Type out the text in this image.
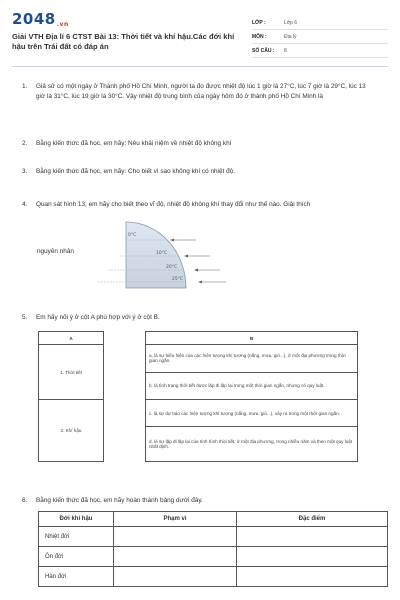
2048.vn
Giải VTH Địa lí 6 CTST Bài 13: Thời tiết và khí hậu.Các đới khí hậu trên Trái đất có đáp án
LỚP :	Lớp 6
MÔN :	Địa lý
SỐ CÂU :	8
1.	Giả sử có một ngày ở Thành phố Hồ Chí Minh, người ta đo được nhiệt độ lúc 1 giờ là 27°C, lúc 7 giờ là 29°C, lúc 13 giờ là 31°C, lúc 19 giờ là 30°C. Vậy nhiệt độ trung bình của ngày hôm đó ở thành phố Hồ Chí Minh là
2.	Bằng kiến thức đã học, em hãy: Nêu khái niệm về nhiệt độ không khí
3.	Bằng kiến thức đã học, em hãy: Cho biết vì sao không khí có nhiệt độ.
4.	Quan sát hình 13, em hãy cho biết theo vĩ độ, nhiệt độ không khí thay đổi như thế nào. Giải thích
nguyên nhân
0°C
10°C
20°C
25°C
5.	Em hãy nối ý ở cột A phù hợp với ý ở cột B.
A		B
1. Thời tiết		a. là sự biểu hiện của các hiện tượng khí tượng (nắng, mưa, gió...), ở một địa phương trong thời gian ngắn.
		b. là tình trạng thời tiết được lặp đi lặp lại trong một thời gian ngắn, nhưng có quy luật.
2. Khí hậu		c. là sự dự báo các hiện tượng khí tượng (nắng, mưa, gió...), xảy ra trong một thời gian ngắn.
		d. là sự lặp đi lặp lại của tình hình thời tiết, ở một địa phương, trong nhiều năm và theo một quy luật nhất định.
6.	Bằng kiến thức đã học, em hãy hoàn thành bảng dưới đây.
Đới khí hậu	Phạm vi	Đặc điểm
Nhiệt đới		
Ôn đới		
Hàn đới		
